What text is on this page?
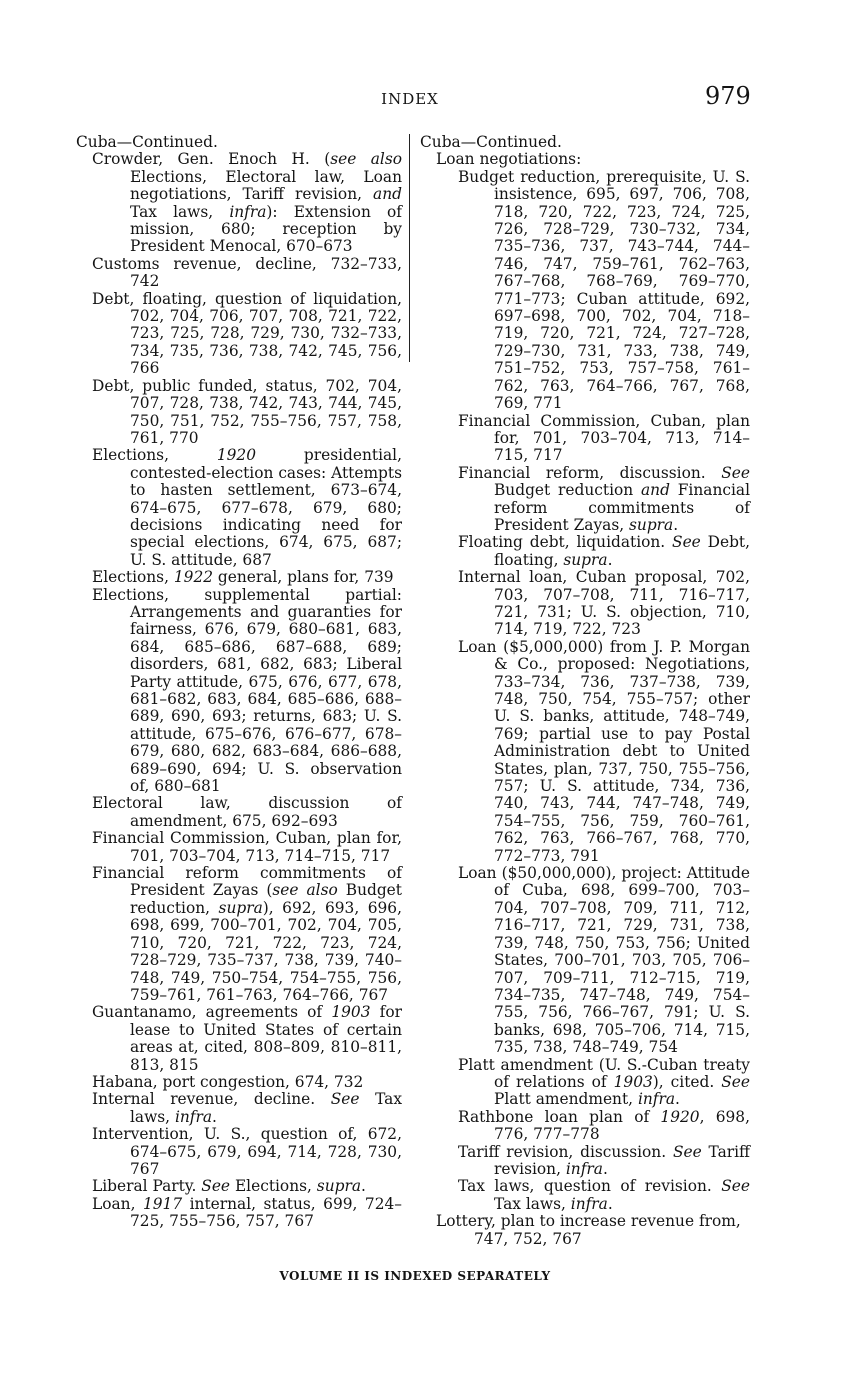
INDEX	979

Cuba—Continued.

Crowder, Gen. Enoch H. (see also Elections, Electoral law, Loan negotiations, Tariff revision, and Tax laws, infra): Extension of mission, 680; reception by President Menocal, 670–673

Customs revenue, decline, 732–733, 742

Debt, floating, question of liquidation, 702, 704, 706, 707, 708, 721, 722, 723, 725, 728, 729, 730, 732–733, 734, 735, 736, 738, 742, 745, 756, 766

Debt, public funded, status, 702, 704, 707, 728, 738, 742, 743, 744, 745, 750, 751, 752, 755–756, 757, 758, 761, 770

Elections, 1920 presidential, contested-election cases: Attempts to hasten settlement, 673–674, 674–675, 677–678, 679, 680; decisions indicating need for special elections, 674, 675, 687; U. S. attitude, 687

Elections, 1922 general, plans for, 739

Elections, supplemental partial: Arrangements and guaranties for fairness, 676, 679, 680–681, 683, 684, 685–686, 687–688, 689; disorders, 681, 682, 683; Liberal Party attitude, 675, 676, 677, 678, 681–682, 683, 684, 685–686, 688–689, 690, 693; returns, 683; U. S. attitude, 675–676, 676–677, 678–679, 680, 682, 683–684, 686–688, 689–690, 694; U. S. observation of, 680–681

Electoral law, discussion of amendment, 675, 692–693

Financial Commission, Cuban, plan for, 701, 703–704, 713, 714–715, 717

Financial reform commitments of President Zayas (see also Budget reduction, supra), 692, 693, 696, 698, 699, 700–701, 702, 704, 705, 710, 720, 721, 722, 723, 724, 728–729, 735–737, 738, 739, 740–748, 749, 750–754, 754–755, 756, 759–761, 761–763, 764–766, 767

Guantanamo, agreements of 1903 for lease to United States of certain areas at, cited, 808–809, 810–811, 813, 815

Habana, port congestion, 674, 732

Internal revenue, decline. See Tax laws, infra.

Intervention, U. S., question of, 672, 674–675, 679, 694, 714, 728, 730, 767

Liberal Party. See Elections, supra.

Loan, 1917 internal, status, 699, 724–725, 755–756, 757, 767

Cuba—Continued.

Loan negotiations:

Budget reduction, prerequisite, U. S. insistence, 695, 697, 706, 708, 718, 720, 722, 723, 724, 725, 726, 728–729, 730–732, 734, 735–736, 737, 743–744, 744–746, 747, 759–761, 762–763, 767–768, 768–769, 769–770, 771–773; Cuban attitude, 692, 697–698, 700, 702, 704, 718–719, 720, 721, 724, 727–728, 729–730, 731, 733, 738, 749, 751–752, 753, 757–758, 761–762, 763, 764–766, 767, 768, 769, 771

Financial Commission, Cuban, plan for, 701, 703–704, 713, 714–715, 717

Financial reform, discussion. See Budget reduction and Financial reform commitments of President Zayas, supra.

Floating debt, liquidation. See Debt, floating, supra.

Internal loan, Cuban proposal, 702, 703, 707–708, 711, 716–717, 721, 731; U. S. objection, 710, 714, 719, 722, 723

Loan ($5,000,000) from J. P. Morgan & Co., proposed: Negotiations, 733–734, 736, 737–738, 739, 748, 750, 754, 755–757; other U. S. banks, attitude, 748–749, 769; partial use to pay Postal Administration debt to United States, plan, 737, 750, 755–756, 757; U. S. attitude, 734, 736, 740, 743, 744, 747–748, 749, 754–755, 756, 759, 760–761, 762, 763, 766–767, 768, 770, 772–773, 791

Loan ($50,000,000), project: Attitude of Cuba, 698, 699–700, 703–704, 707–708, 709, 711, 712, 716–717, 721, 729, 731, 738, 739, 748, 750, 753, 756; United States, 700–701, 703, 705, 706–707, 709–711, 712–715, 719, 734–735, 747–748, 749, 754–755, 756, 766–767, 791; U. S. banks, 698, 705–706, 714, 715, 735, 738, 748–749, 754

Platt amendment (U. S.-Cuban treaty of relations of 1903), cited. See Platt amendment, infra.

Rathbone loan plan of 1920, 698, 776, 777–778

Tariff revision, discussion. See Tariff revision, infra.

Tax laws, question of revision. See Tax laws, infra.

Lottery, plan to increase revenue from, 747, 752, 767

VOLUME II IS INDEXED SEPARATELY
